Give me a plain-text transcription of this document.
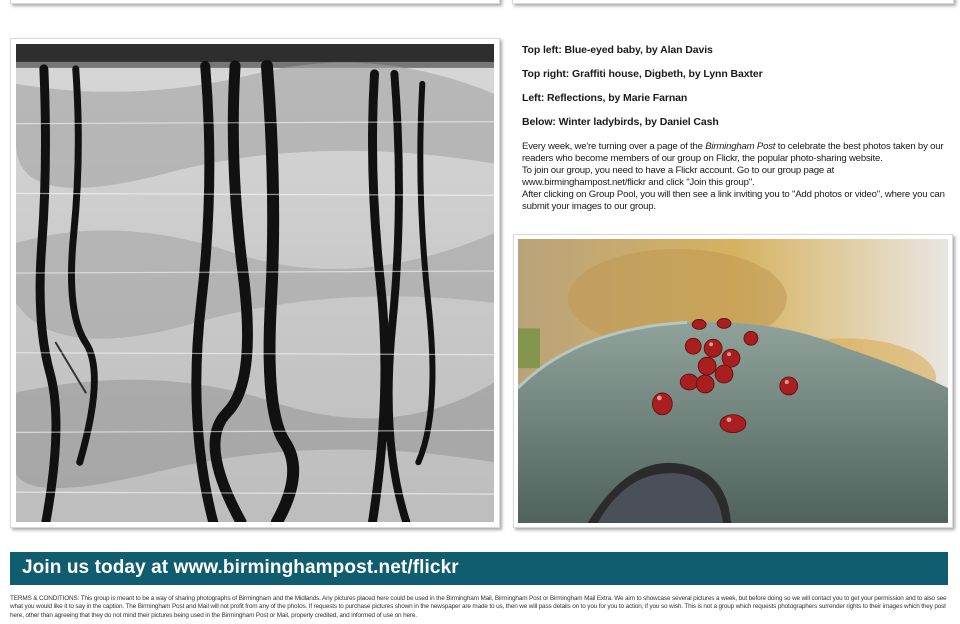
Top left: Blue-eyed baby, by Alan Davis
Top right: Graffiti house, Digbeth, by Lynn Baxter
Left: Reflections, by Marie Farnan
Below: Winter ladybirds, by Daniel Cash

Every week, we're turning over a page of the Birmingham Post to celebrate the best photos taken by our readers who become members of our group on Flickr, the popular photo-sharing website.

To join our group, you need to have a Flickr account. Go to our group page at www.birminghampost.net/flickr and click "Join this group".

After clicking on Group Pool, you will then see a link inviting you to "Add photos or video", where you can submit your images to our group.

Join us today at www.birminghampost.net/flickr
TERMS & CONDITIONS: This group is meant to be a way of sharing photographs of Birmingham and the Midlands. Any pictures placed here could be used in the Birmingham Mail, Birmingham Post or Birmingham Mail Extra. We aim to showcase several pictures a week, but before doing so we will contact you to get your permission and to also see what you would like it to say in the caption. The Birmingham Post and Mail will not profit from any of the photos. If requests to purchase pictures shown in the newspaper are made to us, then we will pass details on to you for you to action, if you so wish. This is not a group which requests photographers surrender rights to their images which they post here, other than agreeing that they do not mind their pictures being used in the Birmingham Post or Mail, properly credited, and informed of use on here.
